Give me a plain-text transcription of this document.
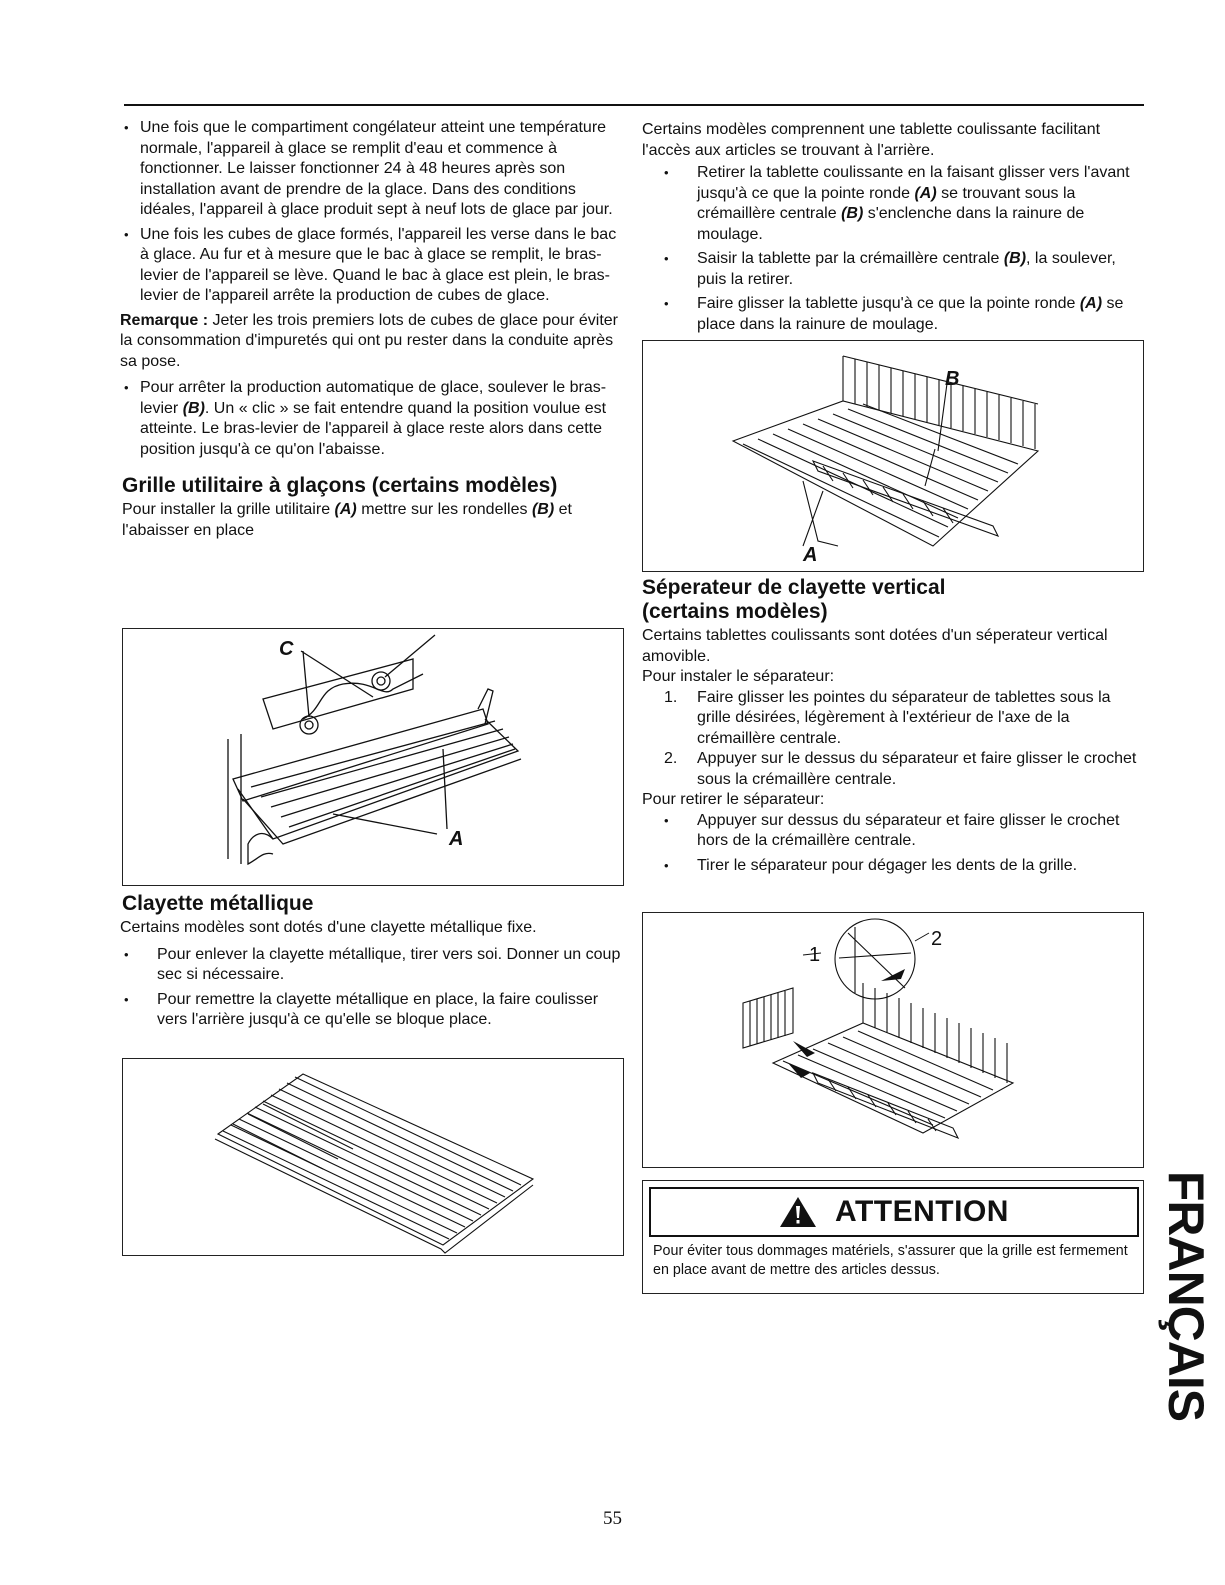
• Une fois que le compartiment congélateur atteint une température normale, l'appareil à glace se remplit d'eau et commence à fonctionner. Le laisser fonctionner 24 à 48 heures après son installation avant de prendre de la glace. Dans des conditions idéales, l'appareil à glace produit sept à neuf lots de glace par jour.
• Une fois les cubes de glace formés, l'appareil les verse dans le bac à glace. Au fur et à mesure que le bac à glace se remplit, le bras-levier de l'appareil se lève. Quand le bac à glace est plein, le bras-levier de l'appareil arrête la production de cubes de glace.

Remarque : Jeter les trois premiers lots de cubes de glace pour éviter la consommation d'impuretés qui ont pu rester dans la conduite après sa pose.

• Pour arrêter la production automatique de glace, soulever le bras-levier (B). Un « clic » se fait entendre quand la position voulue est atteinte. Le bras-levier de l'appareil à glace reste alors dans cette position jusqu'à ce qu'on l'abaisse.
Grille utilitaire à glaçons (certains modèles)

Pour installer la grille utilitaire (A) mettre sur les rondelles (B) et l'abaisser en place

C
A
Clayette métallique

Certains modèles sont dotés d'une clayette métallique fixe.

• Pour enlever la clayette métallique, tirer vers soi. Donner un coup sec si nécessaire.
• Pour remettre la clayette métallique en place, la faire coulisser vers l'arrière jusqu'à ce qu'elle se bloque place.

Certains modèles comprennent une tablette coulissante facilitant l'accès aux articles se trouvant à l'arrière.

• Retirer la tablette coulissante en la faisant glisser vers l'avant jusqu'à ce que la pointe ronde (A) se trouvant sous la crémaillère centrale (B) s'enclenche dans la rainure de moulage.
• Saisir la tablette par la crémaillère centrale (B), la soulever, puis la retirer.
• Faire glisser la tablette jusqu'à ce que la pointe ronde (A) se place dans la rainure de moulage.
B
A
Séperateur de clayette vertical
(certains modèles)

Certains tablettes coulissants sont dotées d'un séperateur vertical amovible.

Pour instaler le séparateur:

1. Faire glisser les pointes du séparateur de tablettes sous la grille désirées, légèrement à l'extérieur de l'axe de la crémaillère centrale.
2. Appuyer sur le dessus du séparateur et faire glisser le crochet sous la crémaillère centrale.

Pour retirer le séparateur:

• Appuyer sur dessus du séparateur et faire glisser le crochet hors de la crémaillère centrale.
• Tirer le séparateur pour dégager les dents de la grille.
1
2
ATTENTION
Pour éviter tous dommages matériels, s'assurer que la grille est fermement en place avant de mettre des articles dessus.	FRANÇAIS
55
